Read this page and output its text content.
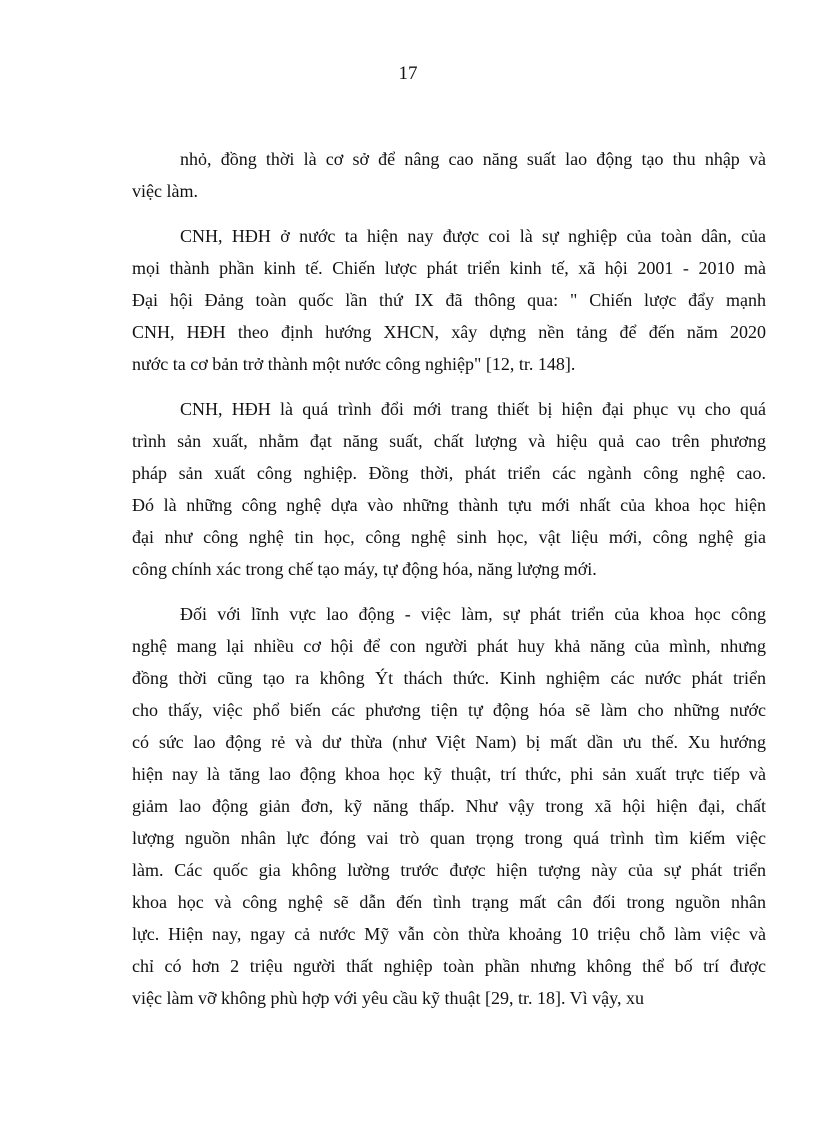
17

nhỏ, đồng thời là cơ sở để nâng cao năng suất lao động tạo thu nhập và
việc làm.

CNH, HĐH ở nước ta hiện nay được coi là sự nghiệp của toàn dân, của
mọi thành phần kinh tế. Chiến lược phát triển kinh tế, xã hội 2001 - 2010 mà
Đại hội Đảng toàn quốc lần thứ IX đã thông qua: " Chiến lược đẩy mạnh
CNH, HĐH theo định hướng XHCN, xây dựng nền tảng để đến năm 2020
nước ta cơ bản trở thành một nước công nghiệp" [12, tr. 148].

CNH, HĐH là quá trình đổi mới trang thiết bị hiện đại phục vụ cho quá
trình sản xuất, nhằm đạt năng suất, chất lượng và hiệu quả cao trên phương
pháp sản xuất công nghiệp. Đồng thời, phát triển các ngành công nghệ cao.
Đó là những công nghệ dựa vào những thành tựu mới nhất của khoa học hiện
đại như công nghệ tin học, công nghệ sinh học, vật liệu mới, công nghệ gia
công chính xác trong chế tạo máy, tự động hóa, năng lượng mới.

Đối với lĩnh vực lao động - việc làm, sự phát triển của khoa học công
nghệ mang lại nhiều cơ hội để con người phát huy khả năng của mình, nhưng
đồng thời cũng tạo ra không Ýt thách thức. Kinh nghiệm các nước phát triển
cho thấy, việc phổ biến các phương tiện tự động hóa sẽ làm cho những nước
có sức lao động rẻ và dư thừa (như Việt Nam) bị mất dần ưu thế. Xu hướng
hiện nay là tăng lao động khoa học kỹ thuật, trí thức, phi sản xuất trực tiếp và
giảm lao động giản đơn, kỹ năng thấp. Như vậy trong xã hội hiện đại, chất
lượng nguồn nhân lực đóng vai trò quan trọng trong quá trình tìm kiếm việc
làm. Các quốc gia không lường trước được hiện tượng này của sự phát triển
khoa học và công nghệ sẽ dẫn đến tình trạng mất cân đối trong nguồn nhân
lực. Hiện nay, ngay cả nước Mỹ vẫn còn thừa khoảng 10 triệu chỗ làm việc và
chỉ có hơn 2 triệu người thất nghiệp toàn phần nhưng không thể bố trí được
việc làm vỡ không phù hợp với yêu cầu kỹ thuật [29, tr. 18]. Vì vậy, xu
